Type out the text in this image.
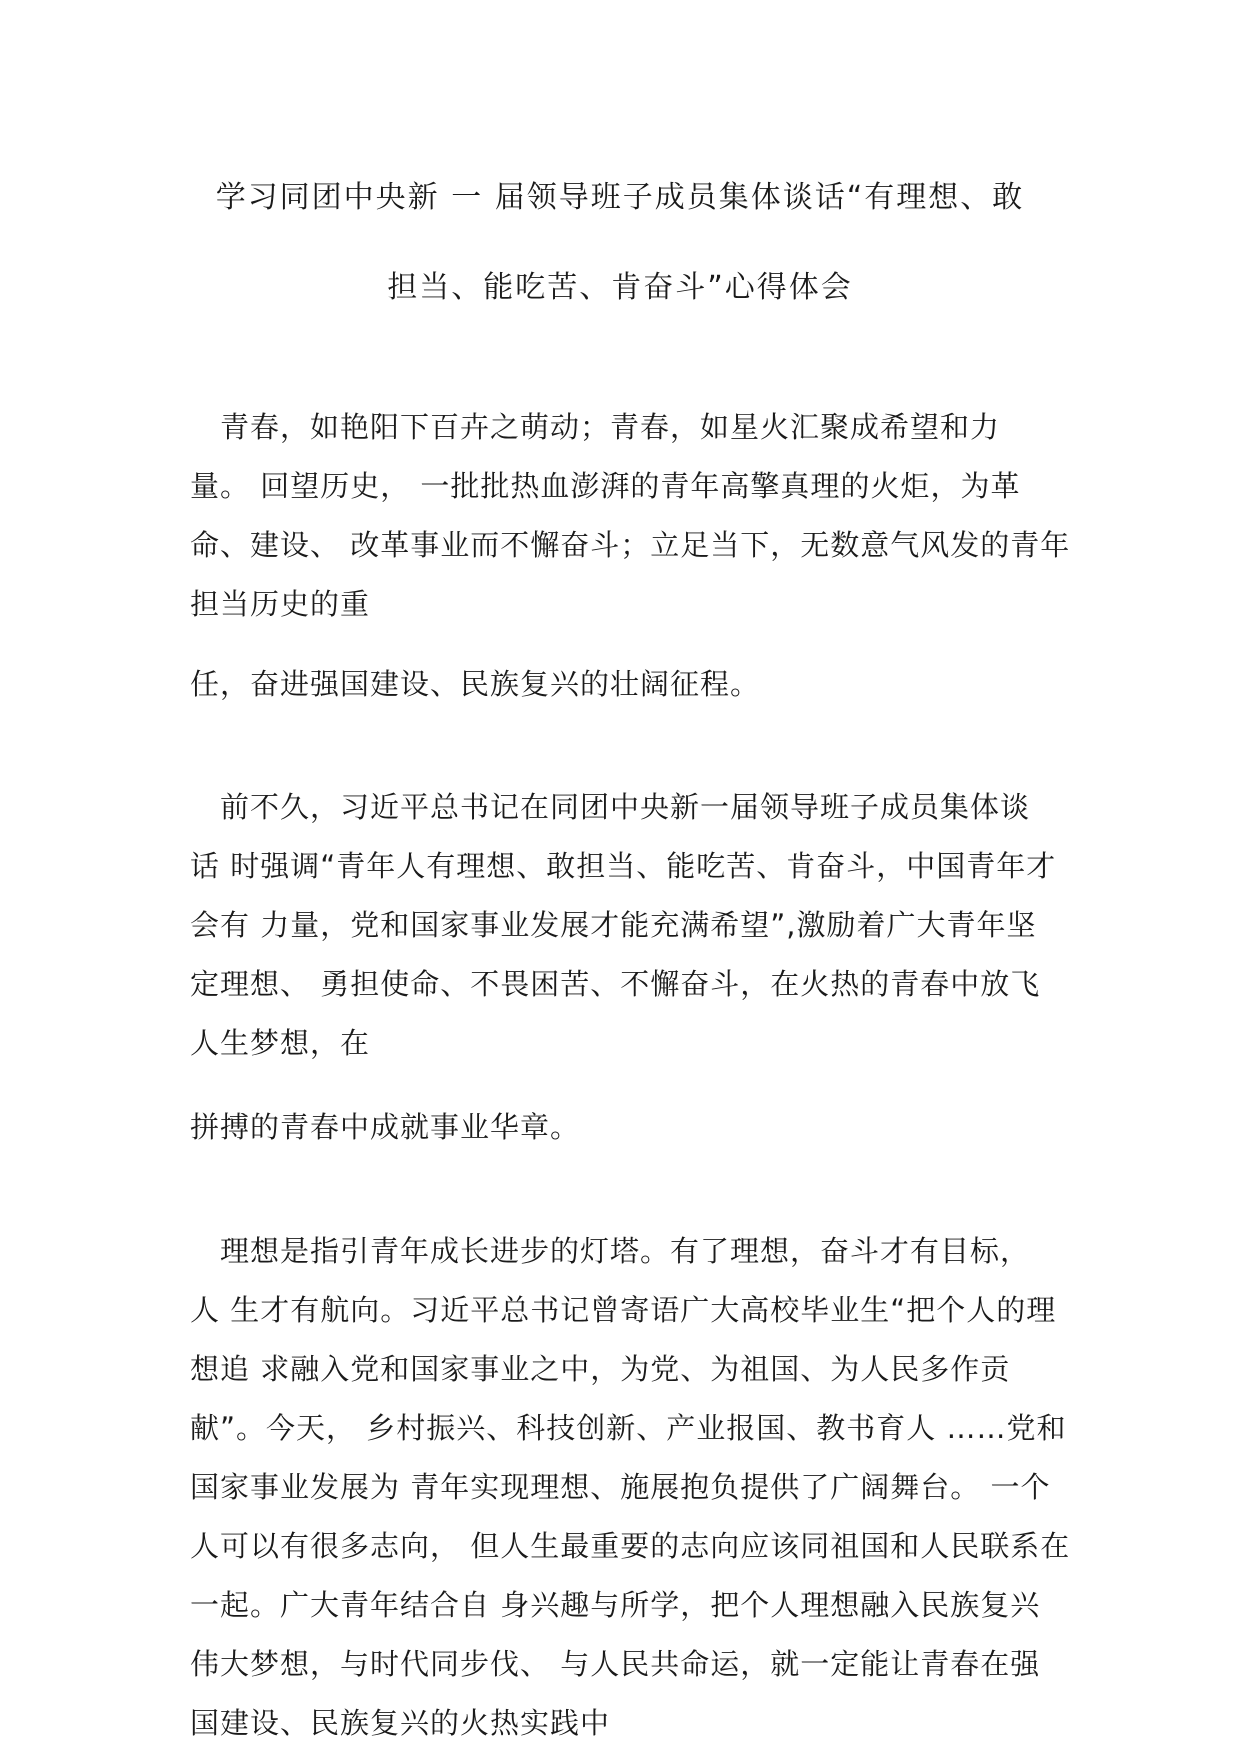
学习同团中央新 一 届领导班子成员集体谈话“有理想、敢
担当、能吃苦、肯奋斗”心得体会
　青春，如艳阳下百卉之萌动；青春，如星火汇聚成希望和力
量。 回望历史， 一批批热血澎湃的青年高擎真理的火炬，为革
命、建设、 改革事业而不懈奋斗；立足当下，无数意气风发的青年
担当历史的重
任，奋进强国建设、民族复兴的壮阔征程。
　前不久，习近平总书记在同团中央新一届领导班子成员集体谈
话 时强调“青年人有理想、敢担当、能吃苦、肯奋斗，中国青年才
会有 力量，党和国家事业发展才能充满希望”,激励着广大青年坚
定理想、 勇担使命、不畏困苦、不懈奋斗，在火热的青春中放飞
人生梦想，在
拼搏的青春中成就事业华章。
　理想是指引青年成长进步的灯塔。有了理想，奋斗才有目标，
人 生才有航向。习近平总书记曾寄语广大高校毕业生“把个人的理
想追 求融入党和国家事业之中，为党、为祖国、为人民多作贡
献”。今天， 乡村振兴、科技创新、产业报国、教书育人 ……党和
国家事业发展为 青年实现理想、施展抱负提供了广阔舞台。 一个
人可以有很多志向， 但人生最重要的志向应该同祖国和人民联系在
一起。广大青年结合自 身兴趣与所学，把个人理想融入民族复兴
伟大梦想，与时代同步伐、 与人民共命运，就一定能让青春在强
国建设、民族复兴的火热实践中
